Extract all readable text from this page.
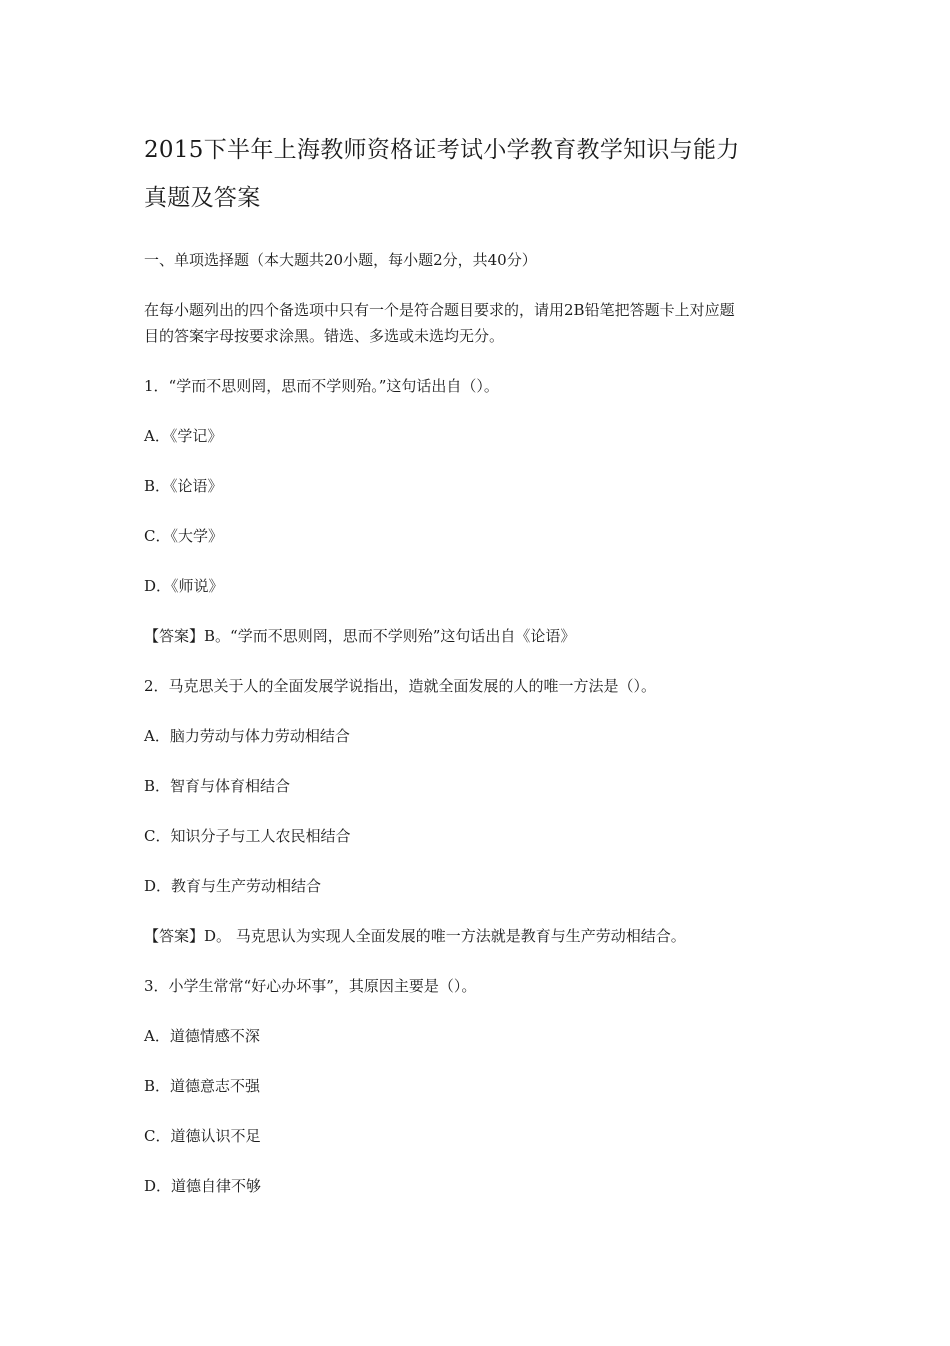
2015下半年上海教师资格证考试小学教育教学知识与能力
真题及答案
一、单项选择题（本大题共20小题，每小题2分，共40分）
在每小题列出的四个备选项中只有一个是符合题目要求的，请用2B铅笔把答题卡上对应题
目的答案字母按要求涂黑。错选、多选或未选均无分。
1．“学而不思则罔，思而不学则殆。”这句话出自（）。
A．《学记》
B．《论语》
C．《大学》
D．《师说》
【答案】B。“学而不思则罔，思而不学则殆”这句话出自《论语》
2．马克思关于人的全面发展学说指出，造就全面发展的人的唯一方法是（）。
A．脑力劳动与体力劳动相结合
B．智育与体育相结合
C．知识分子与工人农民相结合
D．教育与生产劳动相结合
【答案】D。 马克思认为实现人全面发展的唯一方法就是教育与生产劳动相结合。
3．小学生常常“好心办坏事”，其原因主要是（）。
A．道德情感不深
B．道德意志不强
C．道德认识不足
D．道德自律不够
